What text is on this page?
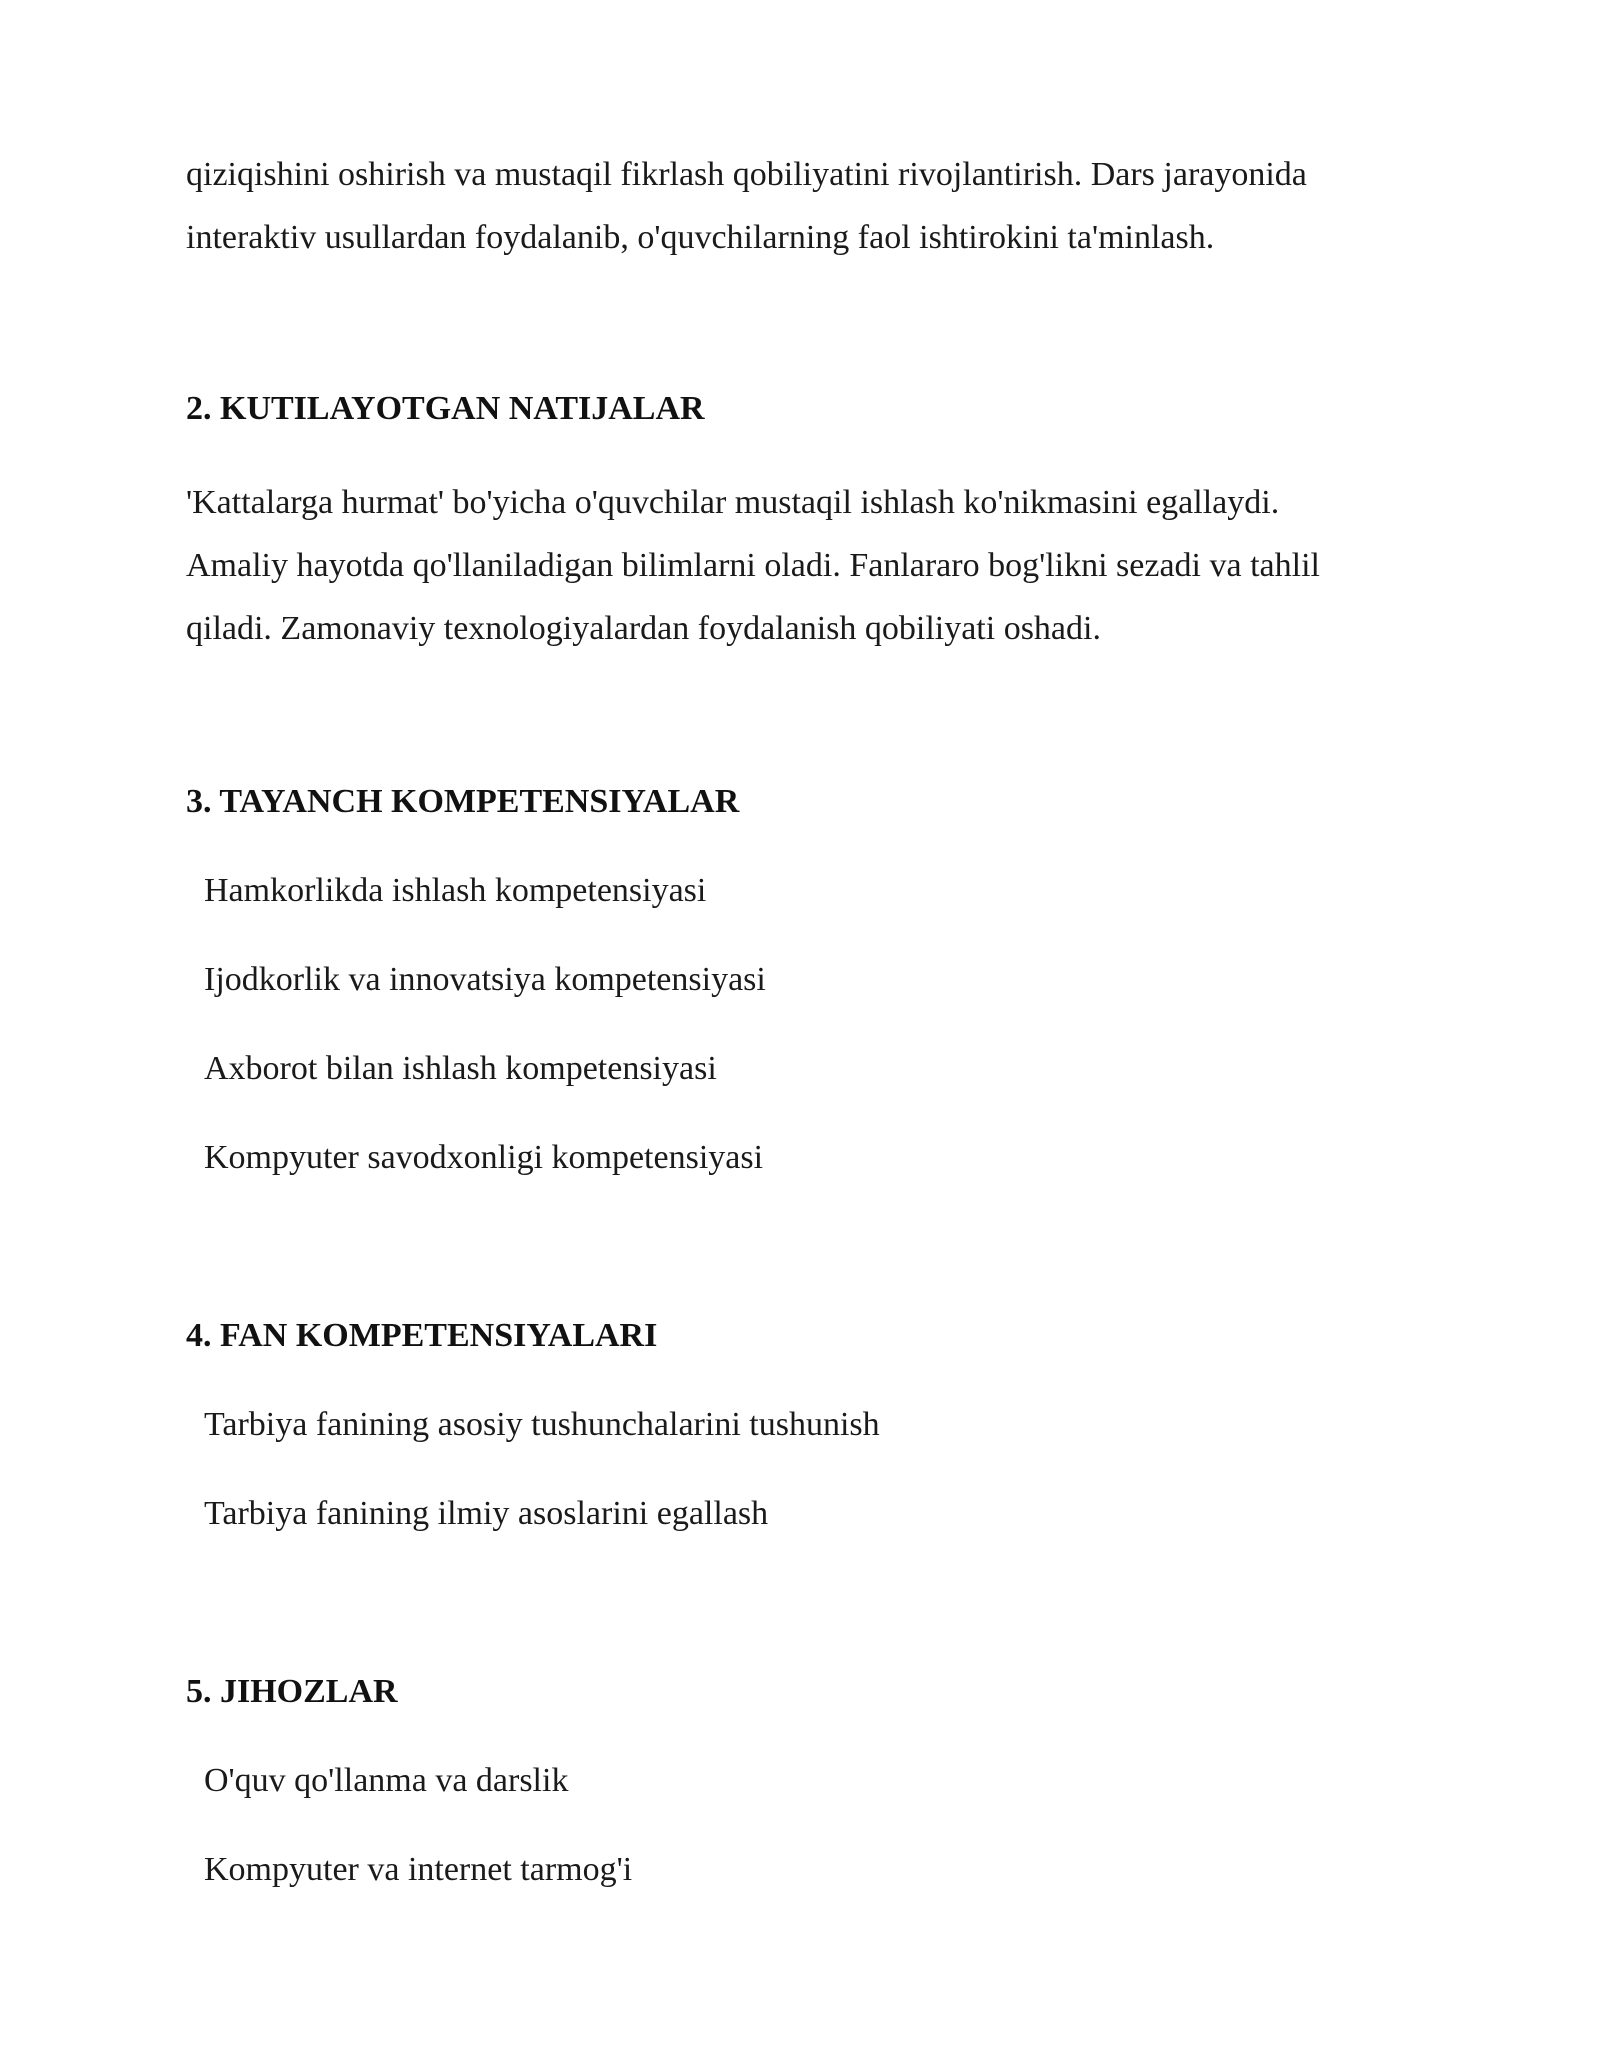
qiziqishini oshirish va mustaqil fikrlash qobiliyatini rivojlantirish. Dars jarayonida

interaktiv usullardan foydalanib, o'quvchilarning faol ishtirokini ta'minlash.

2. KUTILAYOTGAN NATIJALAR

'Kattalarga hurmat' bo'yicha o'quvchilar mustaqil ishlash ko'nikmasini egallaydi.

Amaliy hayotda qo'llaniladigan bilimlarni oladi. Fanlararo bog'likni sezadi va tahlil

qiladi. Zamonaviy texnologiyalardan foydalanish qobiliyati oshadi.

3. TAYANCH KOMPETENSIYALAR

Hamkorlikda ishlash kompetensiyasi

Ijodkorlik va innovatsiya kompetensiyasi

Axborot bilan ishlash kompetensiyasi

Kompyuter savodxonligi kompetensiyasi

4. FAN KOMPETENSIYALARI

Tarbiya fanining asosiy tushunchalarini tushunish

Tarbiya fanining ilmiy asoslarini egallash

5. JIHOZLAR

O'quv qo'llanma va darslik

Kompyuter va internet tarmog'i
